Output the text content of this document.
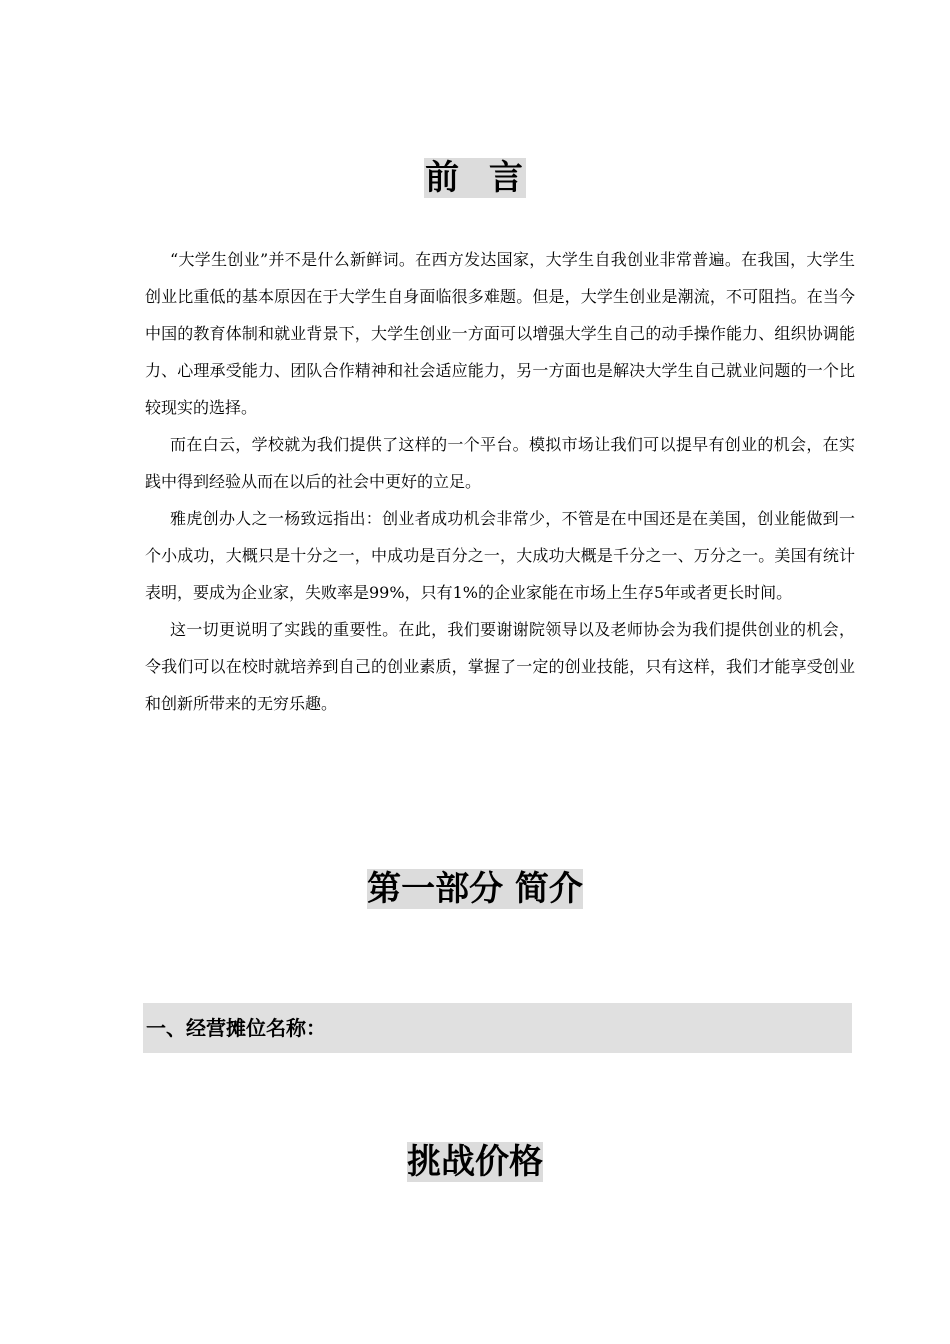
前  言

“大学生创业”并不是什么新鲜词。在西方发达国家，大学生自我创业非常普遍。在我国，大学生创业比重低的基本原因在于大学生自身面临很多难题。但是，大学生创业是潮流，不可阻挡。在当今中国的教育体制和就业背景下，大学生创业一方面可以增强大学生自己的动手操作能力、组织协调能力、心理承受能力、团队合作精神和社会适应能力，另一方面也是解决大学生自己就业问题的一个比较现实的选择。

而在白云，学校就为我们提供了这样的一个平台。模拟市场让我们可以提早有创业的机会，在实践中得到经验从而在以后的社会中更好的立足。

雅虎创办人之一杨致远指出：创业者成功机会非常少，不管是在中国还是在美国，创业能做到一个小成功，大概只是十分之一，中成功是百分之一，大成功大概是千分之一、万分之一。美国有统计表明，要成为企业家，失败率是99%，只有1%的企业家能在市场上生存5年或者更长时间。

这一切更说明了实践的重要性。在此，我们要谢谢院领导以及老师协会为我们提供创业的机会，令我们可以在校时就培养到自己的创业素质，掌握了一定的创业技能，只有这样，我们才能享受创业和创新所带来的无穷乐趣。

第一部分 简介
一、经营摊位名称：
挑战价格
